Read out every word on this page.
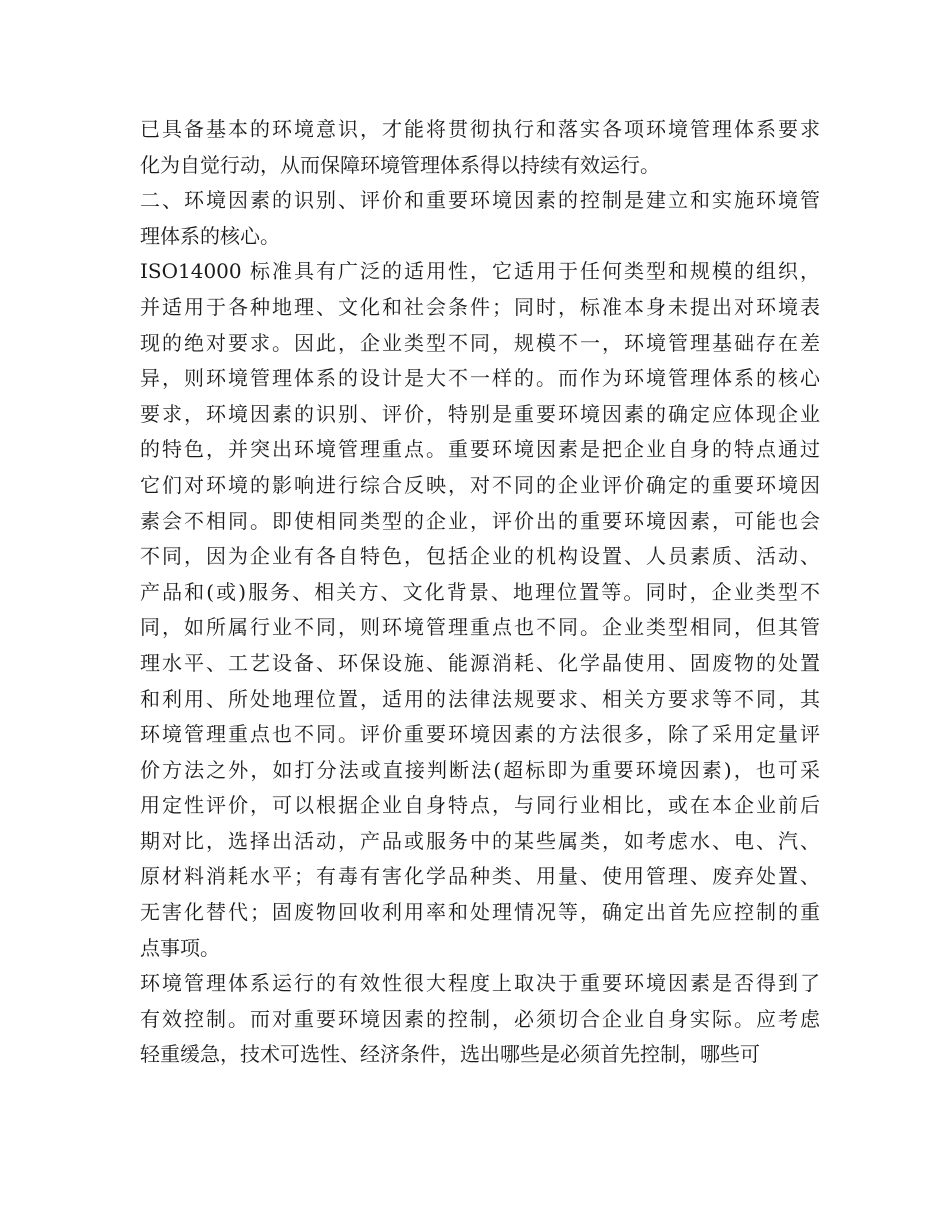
已具备基本的环境意识，才能将贯彻执行和落实各项环境管理体系要求
化为自觉行动，从而保障环境管理体系得以持续有效运行。
二、环境因素的识别、评价和重要环境因素的控制是建立和实施环境管
理体系的核心。
ISO14000 标准具有广泛的适用性，它适用于任何类型和规模的组织，
并适用于各种地理、文化和社会条件；同时，标准本身未提出对环境表
现的绝对要求。因此，企业类型不同，规模不一，环境管理基础存在差
异，则环境管理体系的设计是大不一样的。而作为环境管理体系的核心
要求，环境因素的识别、评价，特别是重要环境因素的确定应体现企业
的特色，并突出环境管理重点。重要环境因素是把企业自身的特点通过
它们对环境的影响进行综合反映，对不同的企业评价确定的重要环境因
素会不相同。即使相同类型的企业，评价出的重要环境因素，可能也会
不同，因为企业有各自特色，包括企业的机构设置、人员素质、活动、
产品和(或)服务、相关方、文化背景、地理位置等。同时，企业类型不
同，如所属行业不同，则环境管理重点也不同。企业类型相同，但其管
理水平、工艺设备、环保设施、能源消耗、化学晶使用、固废物的处置
和利用、所处地理位置，适用的法律法规要求、相关方要求等不同，其
环境管理重点也不同。评价重要环境因素的方法很多，除了采用定量评
价方法之外，如打分法或直接判断法(超标即为重要环境因素)，也可采
用定性评价，可以根据企业自身特点，与同行业相比，或在本企业前后
期对比，选择出活动，产品或服务中的某些属类，如考虑水、电、汽、
原材料消耗水平；有毒有害化学品种类、用量、使用管理、废弃处置、
无害化替代；固废物回收利用率和处理情况等，确定出首先应控制的重
点事项。
环境管理体系运行的有效性很大程度上取决于重要环境因素是否得到了
有效控制。而对重要环境因素的控制，必须切合企业自身实际。应考虑
轻重缓急，技术可选性、经济条件，选出哪些是必须首先控制，哪些可
